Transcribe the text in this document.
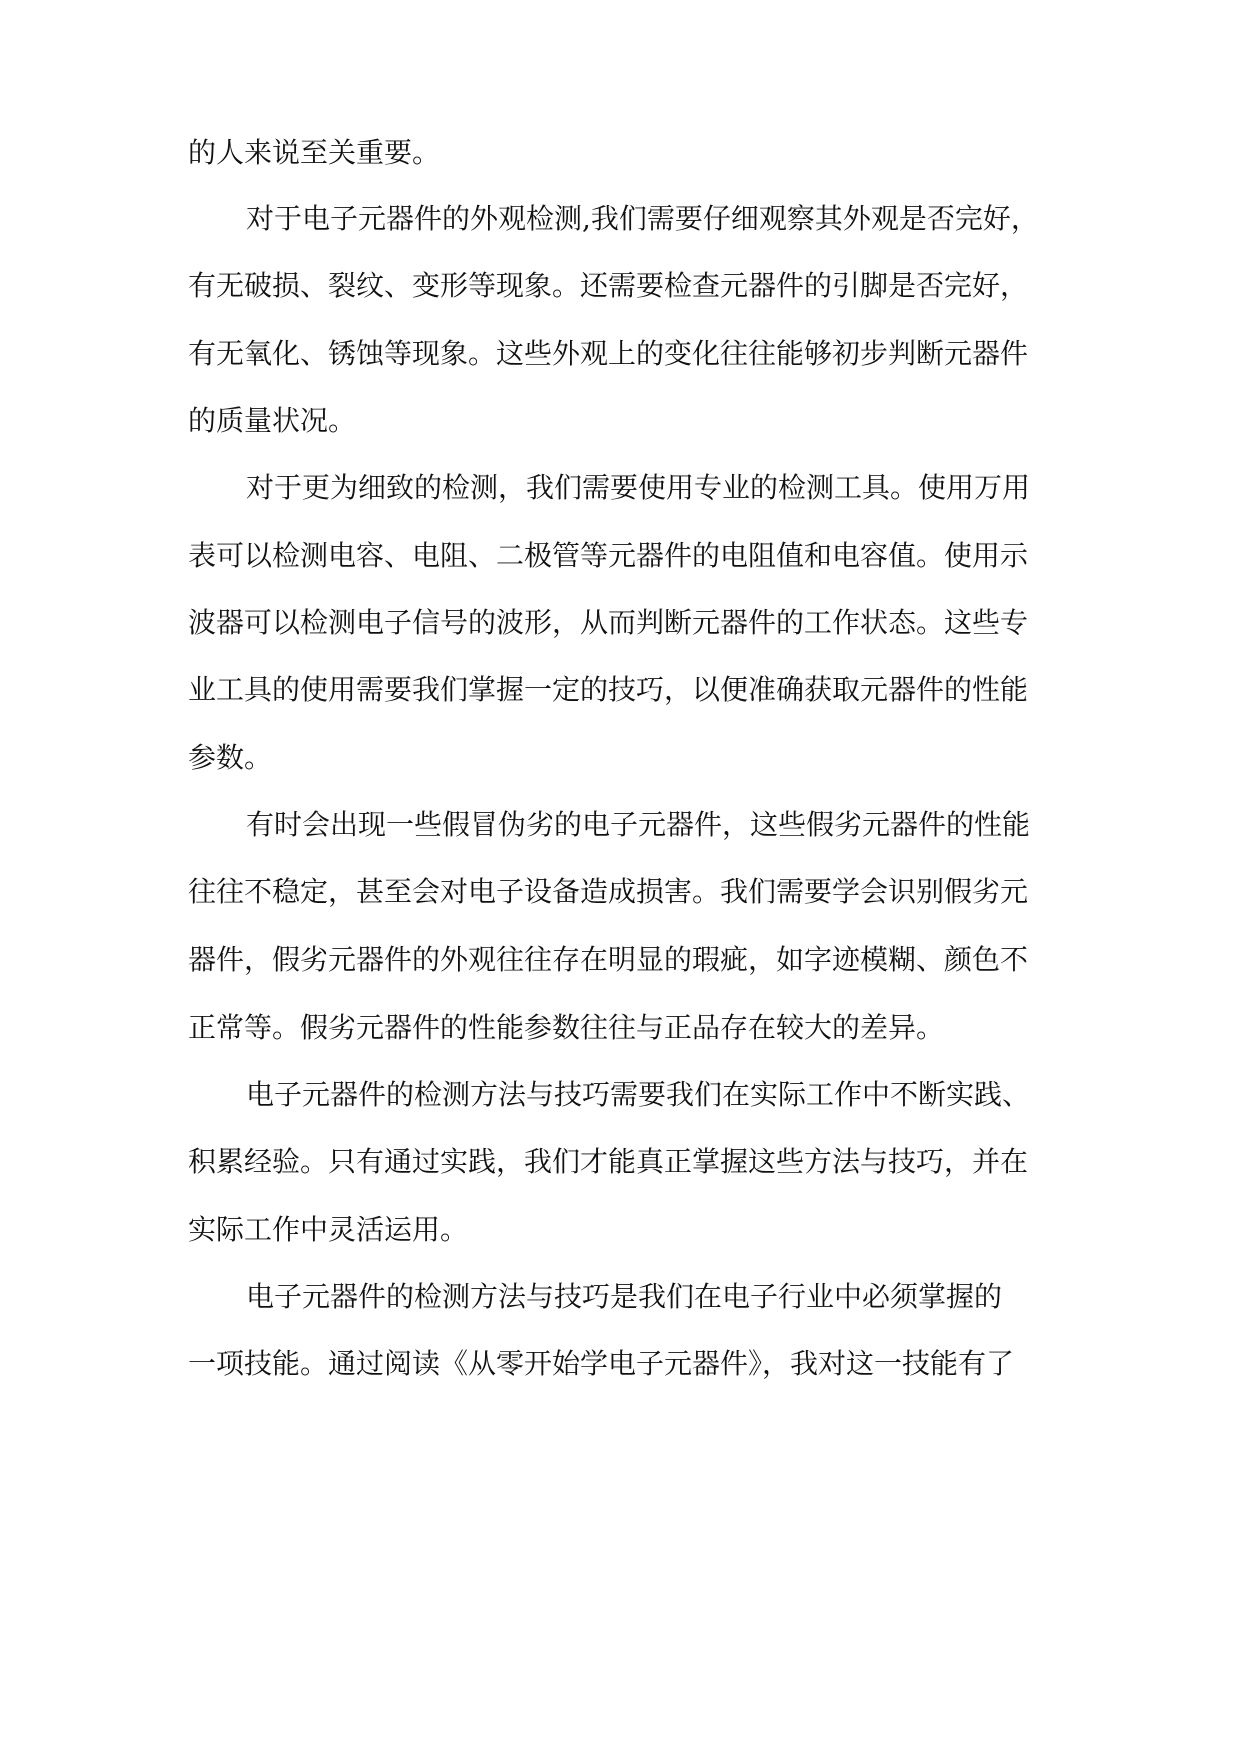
的人来说至关重要。
对于电子元器件的外观检测,我们需要仔细观察其外观是否完好，
有无破损、裂纹、变形等现象。还需要检查元器件的引脚是否完好，
有无氧化、锈蚀等现象。这些外观上的变化往往能够初步判断元器件
的质量状况。
对于更为细致的检测，我们需要使用专业的检测工具。使用万用
表可以检测电容、电阻、二极管等元器件的电阻值和电容值。使用示
波器可以检测电子信号的波形，从而判断元器件的工作状态。这些专
业工具的使用需要我们掌握一定的技巧，以便准确获取元器件的性能
参数。
有时会出现一些假冒伪劣的电子元器件，这些假劣元器件的性能
往往不稳定，甚至会对电子设备造成损害。我们需要学会识别假劣元
器件，假劣元器件的外观往往存在明显的瑕疵，如字迹模糊、颜色不
正常等。假劣元器件的性能参数往往与正品存在较大的差异。
电子元器件的检测方法与技巧需要我们在实际工作中不断实践、
积累经验。只有通过实践，我们才能真正掌握这些方法与技巧，并在
实际工作中灵活运用。
电子元器件的检测方法与技巧是我们在电子行业中必须掌握的
一项技能。通过阅读《从零开始学电子元器件》，我对这一技能有了
